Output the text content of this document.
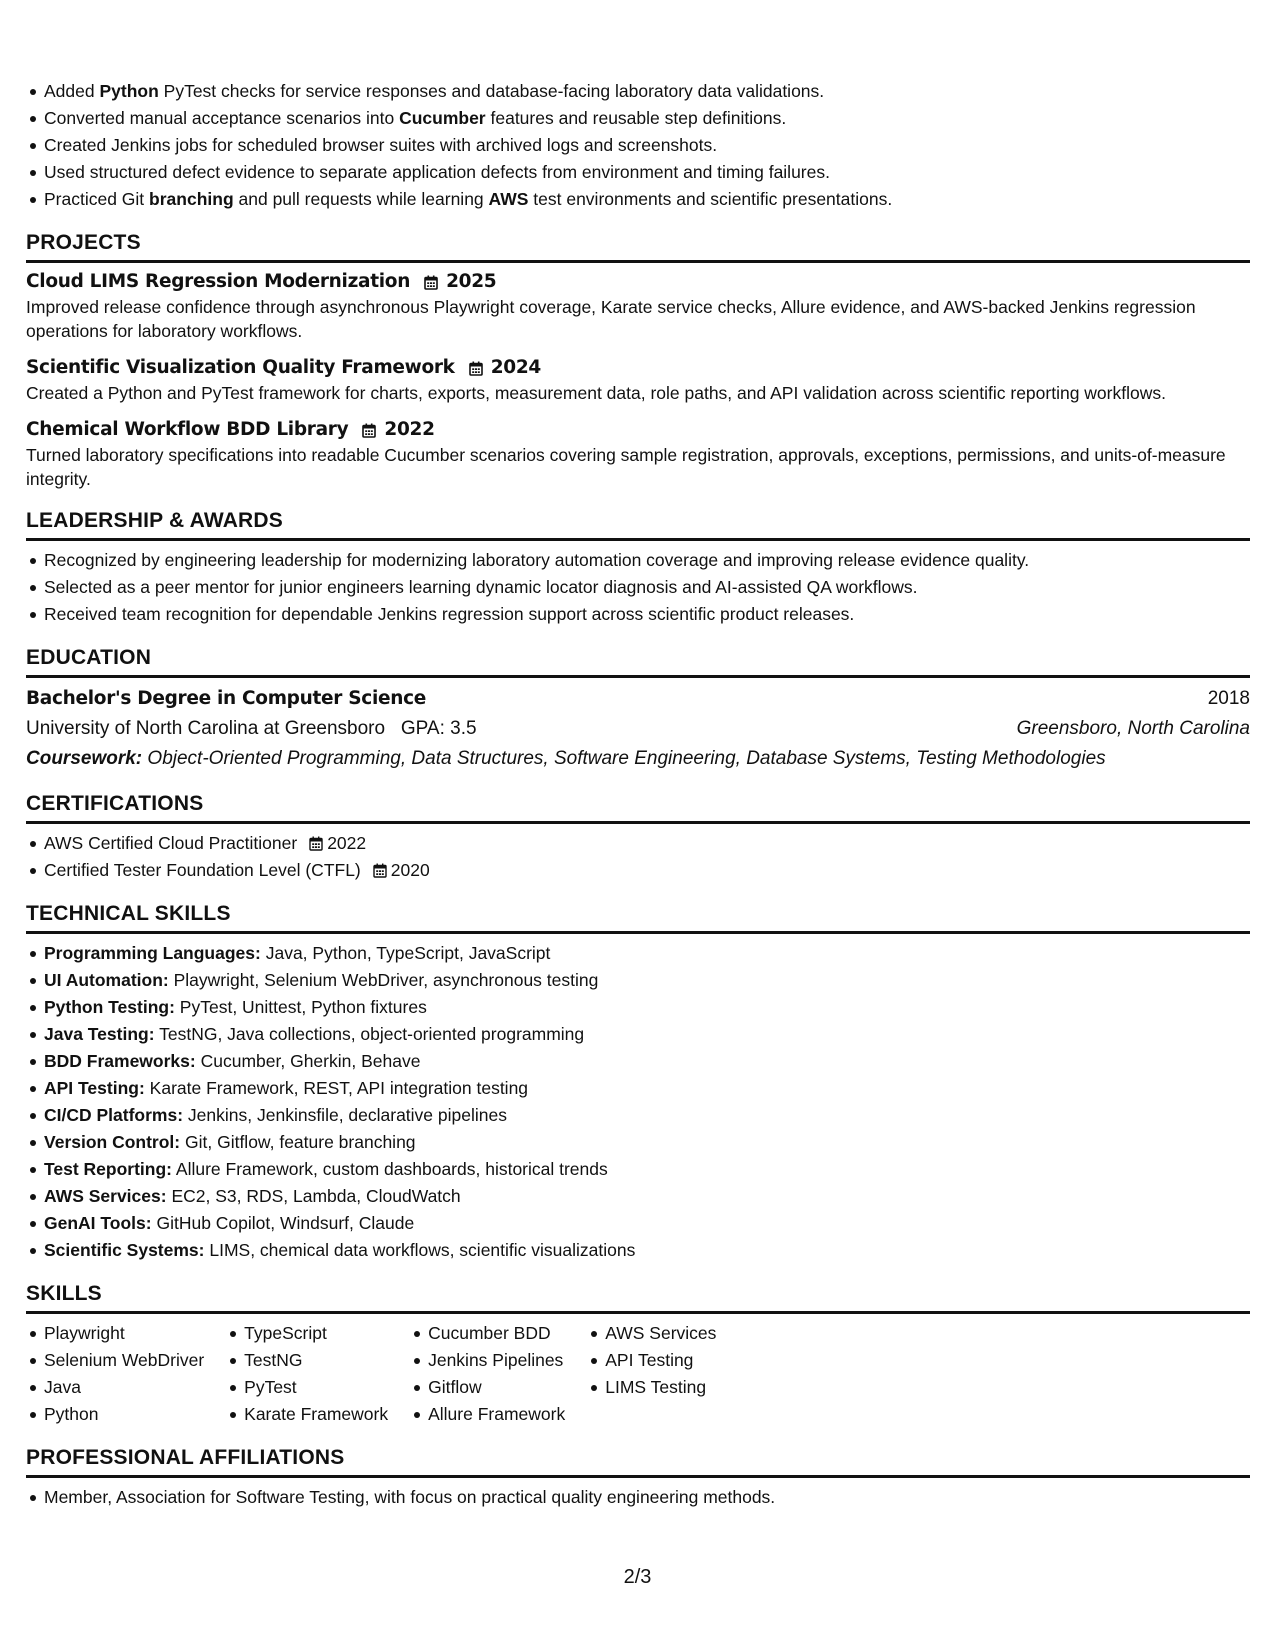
Added Python PyTest checks for service responses and database-facing laboratory data validations.
Converted manual acceptance scenarios into Cucumber features and reusable step definitions.
Created Jenkins jobs for scheduled browser suites with archived logs and screenshots.
Used structured defect evidence to separate application defects from environment and timing failures.
Practiced Git branching and pull requests while learning AWS test environments and scientific presentations.
PROJECTS
Cloud LIMS Regression Modernization 2025
Improved release confidence through asynchronous Playwright coverage, Karate service checks, Allure evidence, and AWS-backed Jenkins regression operations for laboratory workflows.
Scientific Visualization Quality Framework 2024
Created a Python and PyTest framework for charts, exports, measurement data, role paths, and API validation across scientific reporting workflows.
Chemical Workflow BDD Library 2022
Turned laboratory specifications into readable Cucumber scenarios covering sample registration, approvals, exceptions, permissions, and units-of-measure integrity.
LEADERSHIP & AWARDS
Recognized by engineering leadership for modernizing laboratory automation coverage and improving release evidence quality.
Selected as a peer mentor for junior engineers learning dynamic locator diagnosis and AI-assisted QA workflows.
Received team recognition for dependable Jenkins regression support across scientific product releases.
EDUCATION
Bachelor's Degree in Computer Science	2018
University of North Carolina at Greensboro GPA: 3.5	Greensboro, North Carolina
Coursework: Object-Oriented Programming, Data Structures, Software Engineering, Database Systems, Testing Methodologies
CERTIFICATIONS
AWS Certified Cloud Practitioner 2022
Certified Tester Foundation Level (CTFL) 2020
TECHNICAL SKILLS
Programming Languages: Java, Python, TypeScript, JavaScript
UI Automation: Playwright, Selenium WebDriver, asynchronous testing
Python Testing: PyTest, Unittest, Python fixtures
Java Testing: TestNG, Java collections, object-oriented programming
BDD Frameworks: Cucumber, Gherkin, Behave
API Testing: Karate Framework, REST, API integration testing
CI/CD Platforms: Jenkins, Jenkinsfile, declarative pipelines
Version Control: Git, Gitflow, feature branching
Test Reporting: Allure Framework, custom dashboards, historical trends
AWS Services: EC2, S3, RDS, Lambda, CloudWatch
GenAI Tools: GitHub Copilot, Windsurf, Claude
Scientific Systems: LIMS, chemical data workflows, scientific visualizations
SKILLS
Playwright
Selenium WebDriver
Java
Python
TypeScript
TestNG
PyTest
Karate Framework
Cucumber BDD
Jenkins Pipelines
Gitflow
Allure Framework
AWS Services
API Testing
LIMS Testing
PROFESSIONAL AFFILIATIONS
Member, Association for Software Testing, with focus on practical quality engineering methods.
2/3
